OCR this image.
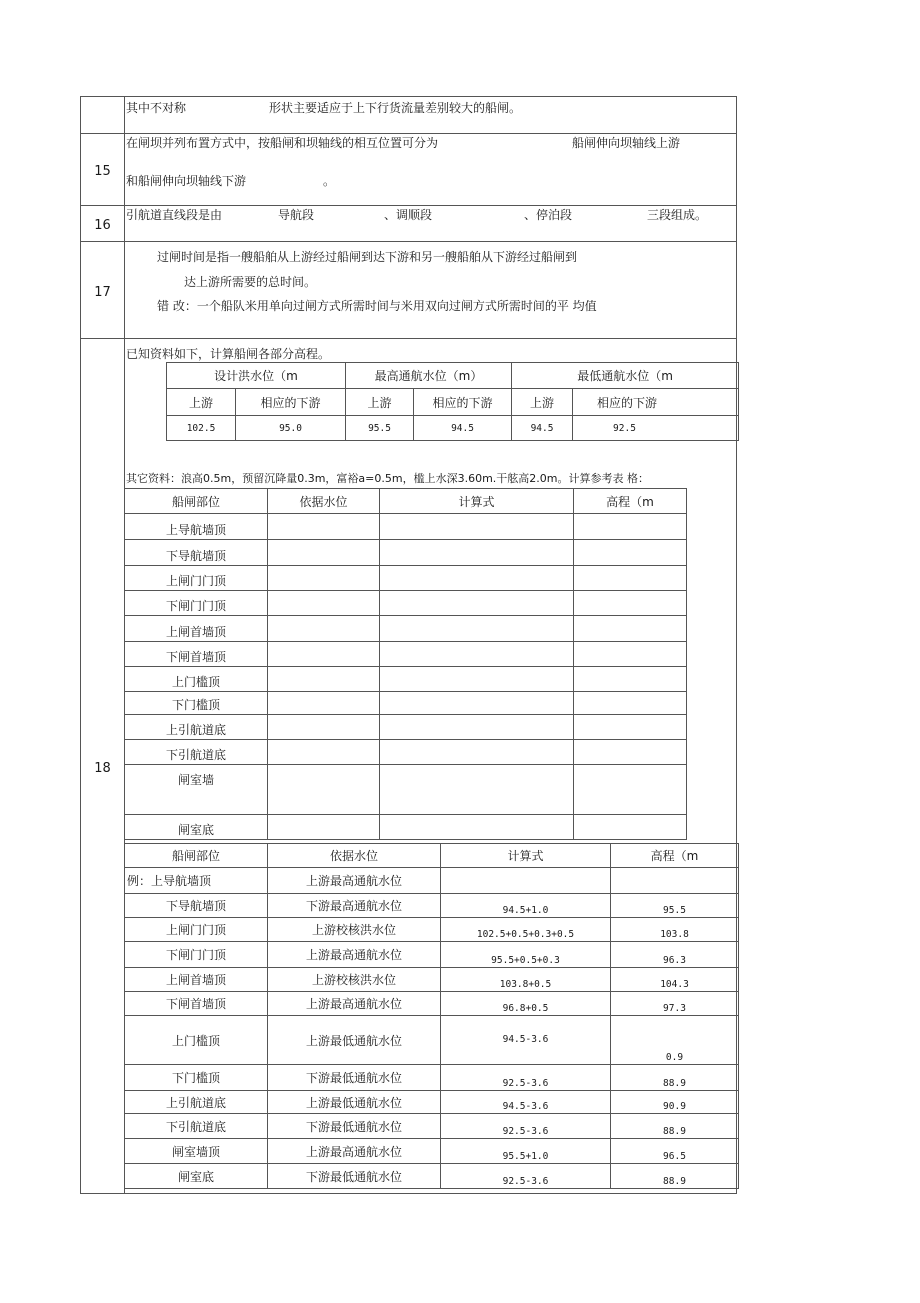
其中不对称	形状主要适应于上下行货流量差别较大的船闸。
15
在闸坝并列布置方式中，按船闸和坝轴线的相互位置可分为	船闸伸向坝轴线上游
和船闸伸向坝轴线下游	。
16
引航道直线段是由	导航段	、调顺段	、停泊段	三段组成。
17
过闸时间是指一艘船舶从上游经过船闸到达下游和另一艘船舶从下游经过船闸到
达上游所需要的总时间。
错 改：一个船队米用单向过闸方式所需时间与米用双向过闸方式所需时间的平 均值
18
已知资料如下，计算船闸各部分高程。
设计洪水位（m		最高通航水位（m）		最低通航水位（m	
上游	相应的下游	上游	相应的下游	上游	相应的下游
102.5	95.0	95.5	94.5	94.5	92.5
其它资料：浪高0.5m，预留沉降量0.3m，富裕a=0.5m，槛上水深3.60m.干舷高2.0m。计算参考表 格：
船闸部位	依据水位	计算式	高程（m
上导航墙顶			
下导航墙顶			
上闸门门顶			
下闸门门顶			
上闸首墙顶			
下闸首墙顶			
上门槛顶			
下门槛顶			
上引航道底			
下引航道底			
闸室墙			
闸室底			
船闸部位	依据水位	计算式	高程（m
例：上导航墙顶	上游最高通航水位		
下导航墙顶	下游最高通航水位	94.5+1.0	95.5
上闸门门顶	上游校核洪水位	102.5+0.5+0.3+0.5	103.8
下闸门门顶	上游最高通航水位	95.5+0.5+0.3	96.3
上闸首墙顶	上游校核洪水位	103.8+0.5	104.3
下闸首墙顶	上游最高通航水位	96.8+0.5	97.3
上门槛顶	上游最低通航水位	94.5-3.6	0.9
下门槛顶	下游最低通航水位	92.5-3.6	88.9
上引航道底	上游最低通航水位	94.5-3.6	90.9
下引航道底	下游最低通航水位	92.5-3.6	88.9
闸室墙顶	上游最高通航水位	95.5+1.0	96.5
闸室底	下游最低通航水位	92.5-3.6	88.9
